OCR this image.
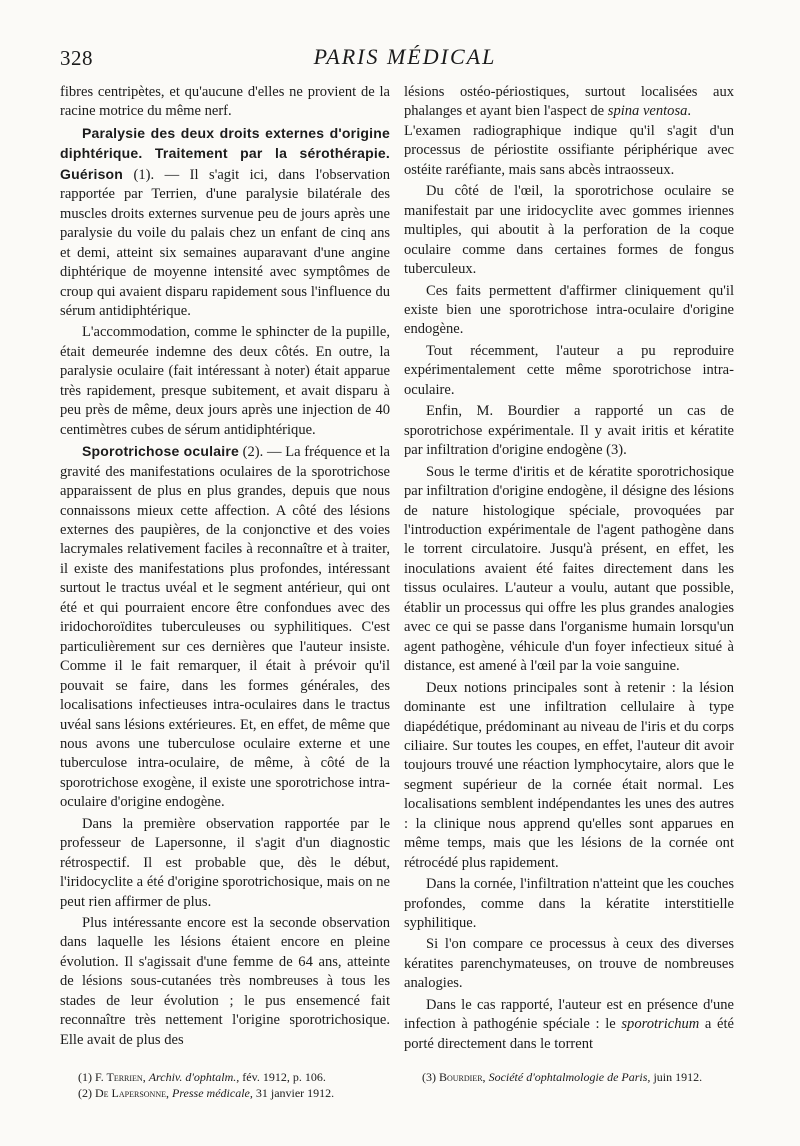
328	PARIS MÉDICAL

fibres centripètes, et qu'aucune d'elles ne provient de la racine motrice du même nerf.

Paralysie des deux droits externes d'origine diphtérique. Traitement par la sérothérapie. Guérison (1). — Il s'agit ici, dans l'observation rapportée par Terrien, d'une paralysie bilatérale des muscles droits externes survenue peu de jours après une paralysie du voile du palais chez un enfant de cinq ans et demi, atteint six semaines auparavant d'une angine diphtérique de moyenne intensité avec symptômes de croup qui avaient disparu rapidement sous l'influence du sérum antidiphtérique.

L'accommodation, comme le sphincter de la pupille, était demeurée indemne des deux côtés. En outre, la paralysie oculaire (fait intéressant à noter) était apparue très rapidement, presque subitement, et avait disparu à peu près de même, deux jours après une injection de 40 centimètres cubes de sérum antidiphtérique.

Sporotrichose oculaire (2). — La fréquence et la gravité des manifestations oculaires de la sporotrichose apparaissent de plus en plus grandes, depuis que nous connaissons mieux cette affection. A côté des lésions externes des paupières, de la conjonctive et des voies lacrymales relativement faciles à reconnaître et à traiter, il existe des manifestations plus profondes, intéressant surtout le tractus uvéal et le segment antérieur, qui ont été et qui pourraient encore être confondues avec des iridochoroïdites tuberculeuses ou syphilitiques. C'est particulièrement sur ces dernières que l'auteur insiste. Comme il le fait remarquer, il était à prévoir qu'il pouvait se faire, dans les formes générales, des localisations infectieuses intra-oculaires dans le tractus uvéal sans lésions extérieures. Et, en effet, de même que nous avons une tuberculose oculaire externe et une tuberculose intra-oculaire, de même, à côté de la sporotrichose exogène, il existe une sporotrichose intra-oculaire d'origine endogène.

Dans la première observation rapportée par le professeur de Lapersonne, il s'agit d'un diagnostic rétrospectif. Il est probable que, dès le début, l'iridocyclite a été d'origine sporotrichosique, mais on ne peut rien affirmer de plus.

Plus intéressante encore est la seconde observation dans laquelle les lésions étaient encore en pleine évolution. Il s'agissait d'une femme de 64 ans, atteinte de lésions sous-cutanées très nombreuses à tous les stades de leur évolution ; le pus ensemencé fait reconnaître très nettement l'origine sporotrichosique. Elle avait de plus des

lésions ostéo-périostiques, surtout localisées aux phalanges et ayant bien l'aspect de spina ventosa.

L'examen radiographique indique qu'il s'agit d'un processus de périostite ossifiante périphérique avec ostéite raréfiante, mais sans abcès intraosseux.

Du côté de l'œil, la sporotrichose oculaire se manifestait par une iridocyclite avec gommes iriennes multiples, qui aboutit à la perforation de la coque oculaire comme dans certaines formes de fongus tuberculeux.

Ces faits permettent d'affirmer cliniquement qu'il existe bien une sporotrichose intra-oculaire d'origine endogène.

Tout récemment, l'auteur a pu reproduire expérimentalement cette même sporotrichose intra-oculaire.

Enfin, M. Bourdier a rapporté un cas de sporotrichose expérimentale. Il y avait iritis et kératite par infiltration d'origine endogène (3).

Sous le terme d'iritis et de kératite sporotrichosique par infiltration d'origine endogène, il désigne des lésions de nature histologique spéciale, provoquées par l'introduction expérimentale de l'agent pathogène dans le torrent circulatoire. Jusqu'à présent, en effet, les inoculations avaient été faites directement dans les tissus oculaires. L'auteur a voulu, autant que possible, établir un processus qui offre les plus grandes analogies avec ce qui se passe dans l'organisme humain lorsqu'un agent pathogène, véhicule d'un foyer infectieux situé à distance, est amené à l'œil par la voie sanguine.

Deux notions principales sont à retenir : la lésion dominante est une infiltration cellulaire à type diapédétique, prédominant au niveau de l'iris et du corps ciliaire. Sur toutes les coupes, en effet, l'auteur dit avoir toujours trouvé une réaction lymphocytaire, alors que le segment supérieur de la cornée était normal. Les localisations semblent indépendantes les unes des autres : la clinique nous apprend qu'elles sont apparues en même temps, mais que les lésions de la cornée ont rétrocédé plus rapidement.

Dans la cornée, l'infiltration n'atteint que les couches profondes, comme dans la kératite interstitielle syphilitique.

Si l'on compare ce processus à ceux des diverses kératites parenchymateuses, on trouve de nombreuses analogies.

Dans le cas rapporté, l'auteur est en présence d'une infection à pathogénie spéciale : le sporotrichum a été porté directement dans le torrent

(1) F. Terrien, Archiv. d'ophtalm., fév. 1912, p. 106.

(2) De Lapersonne, Presse médicale, 31 janvier 1912.

(3) Bourdier, Société d'ophtalmologie de Paris, juin 1912.
